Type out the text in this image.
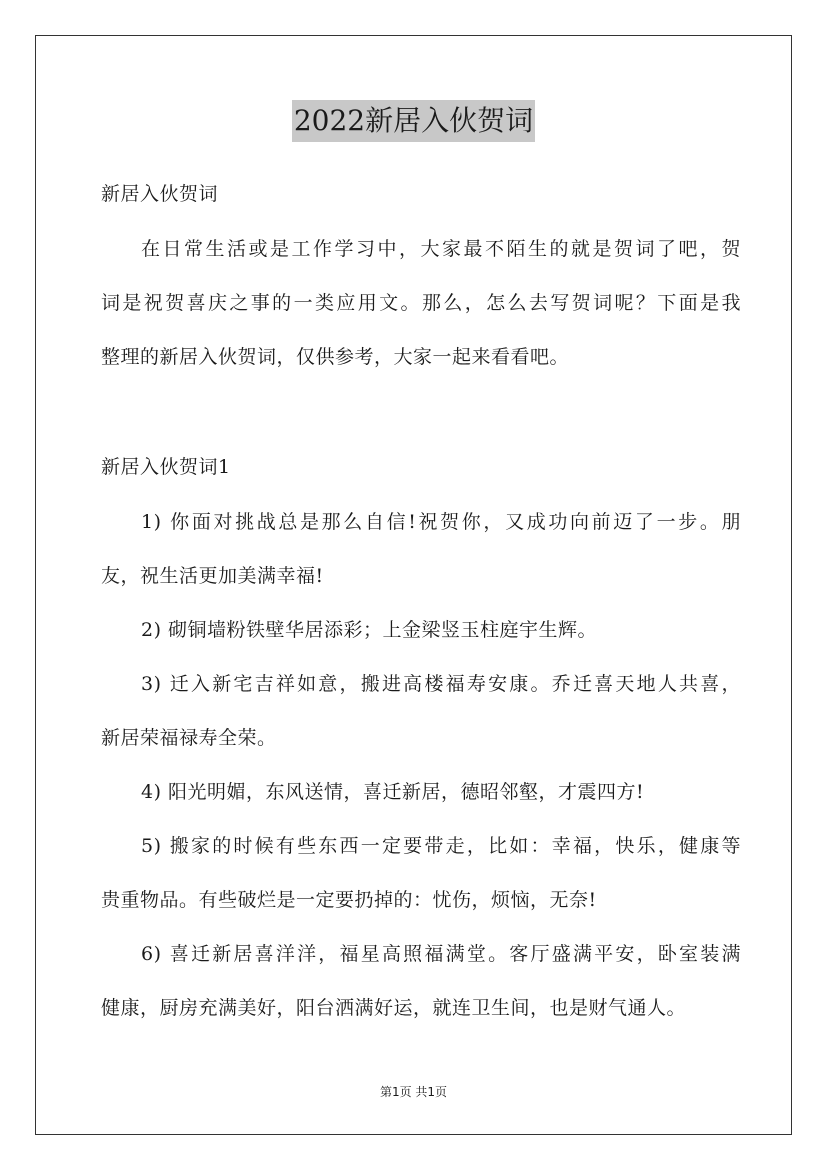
2022新居入伙贺词
新居入伙贺词
在日常生活或是工作学习中，大家最不陌生的就是贺词了吧，贺
词是祝贺喜庆之事的一类应用文。那么，怎么去写贺词呢？下面是我
整理的新居入伙贺词，仅供参考，大家一起来看看吧。
新居入伙贺词1
1) 你面对挑战总是那么自信!祝贺你，又成功向前迈了一步。朋
友，祝生活更加美满幸福!
2) 砌铜墙粉铁壁华居添彩；上金梁竖玉柱庭宇生辉。
3) 迁入新宅吉祥如意，搬进高楼福寿安康。乔迁喜天地人共喜，
新居荣福禄寿全荣。
4) 阳光明媚，东风送情，喜迁新居，德昭邻壑，才震四方!
5) 搬家的时候有些东西一定要带走，比如：幸福，快乐，健康等
贵重物品。有些破烂是一定要扔掉的：忧伤，烦恼，无奈!
6) 喜迁新居喜洋洋，福星高照福满堂。客厅盛满平安，卧室装满
健康，厨房充满美好，阳台洒满好运，就连卫生间，也是财气通人。
第1页 共1页
